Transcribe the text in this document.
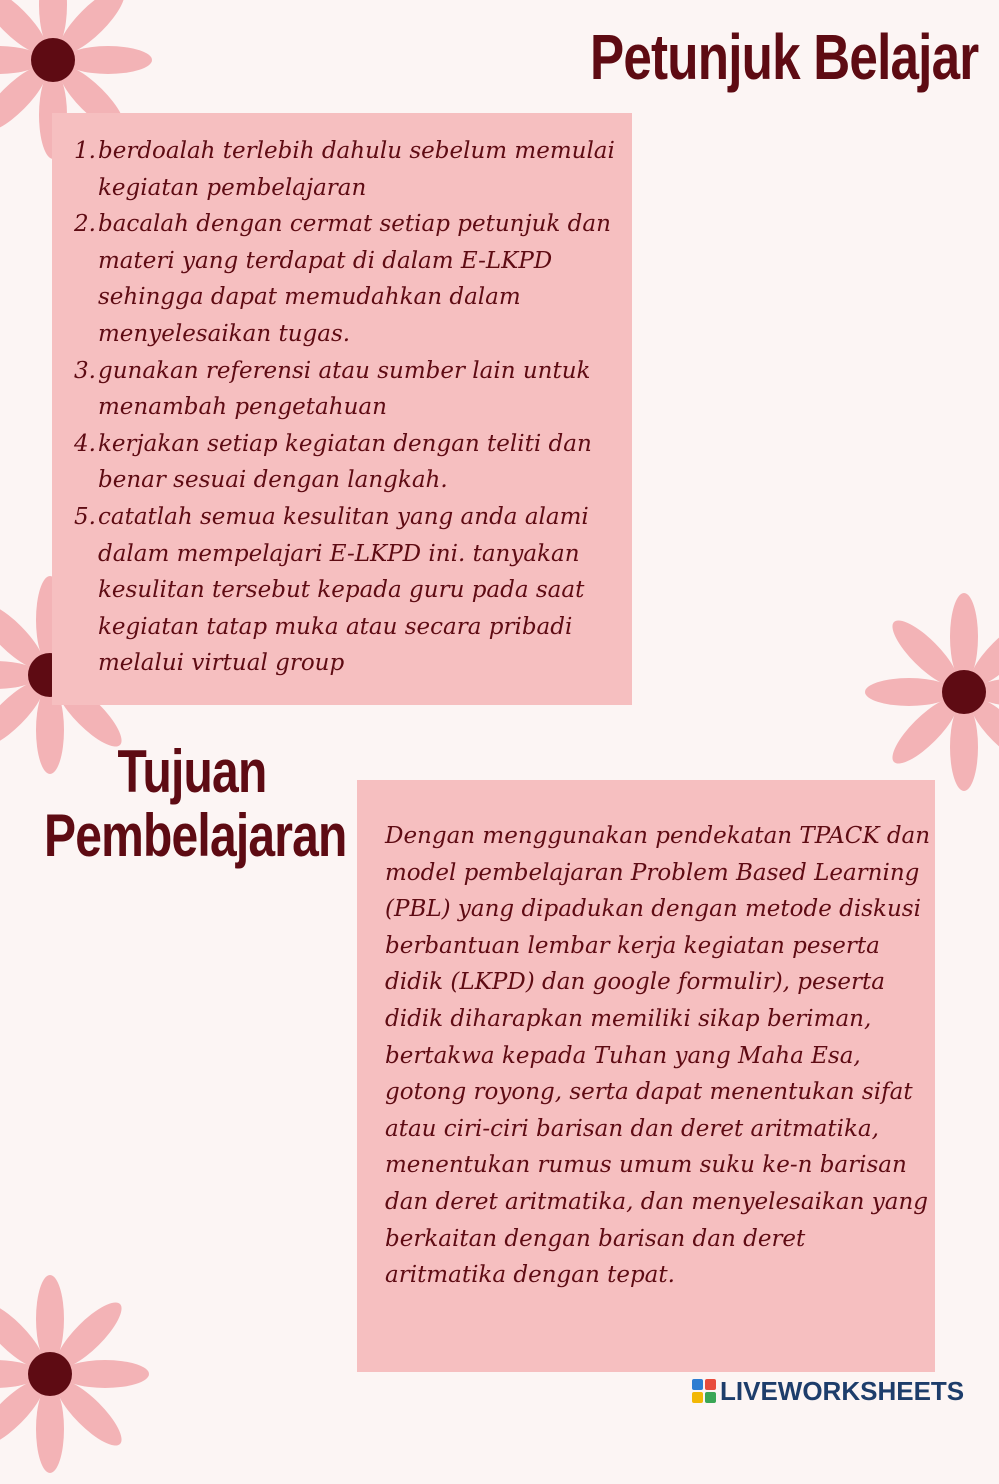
Petunjuk Belajar
1. berdoalah terlebih dahulu sebelum memulai kegiatan pembelajaran
2. bacalah dengan cermat setiap petunjuk dan materi yang terdapat di dalam E-LKPD sehingga dapat memudahkan dalam menyelesaikan tugas.
3. gunakan referensi atau sumber lain untuk menambah pengetahuan
4. kerjakan setiap kegiatan dengan teliti dan benar sesuai dengan langkah.
5. catatlah semua kesulitan yang anda alami dalam mempelajari E-LKPD ini. tanyakan kesulitan tersebut kepada guru pada saat kegiatan tatap muka atau secara pribadi melalui virtual group
Tujuan Pembelajaran Dengan menggunakan pendekatan TPACK dan model pembelajaran Problem Based Learning (PBL) yang dipadukan dengan metode diskusi berbantuan lembar kerja kegiatan peserta didik (LKPD) dan google formulir), peserta didik diharapkan memiliki sikap beriman, bertakwa kepada Tuhan yang Maha Esa, gotong royong, serta dapat menentukan sifat atau ciri-ciri barisan dan deret aritmatika, menentukan rumus umum suku ke-n barisan dan deret aritmatika, dan menyelesaikan yang berkaitan dengan barisan dan deret aritmatika dengan tepat.

LIVEWORKSHEETS
